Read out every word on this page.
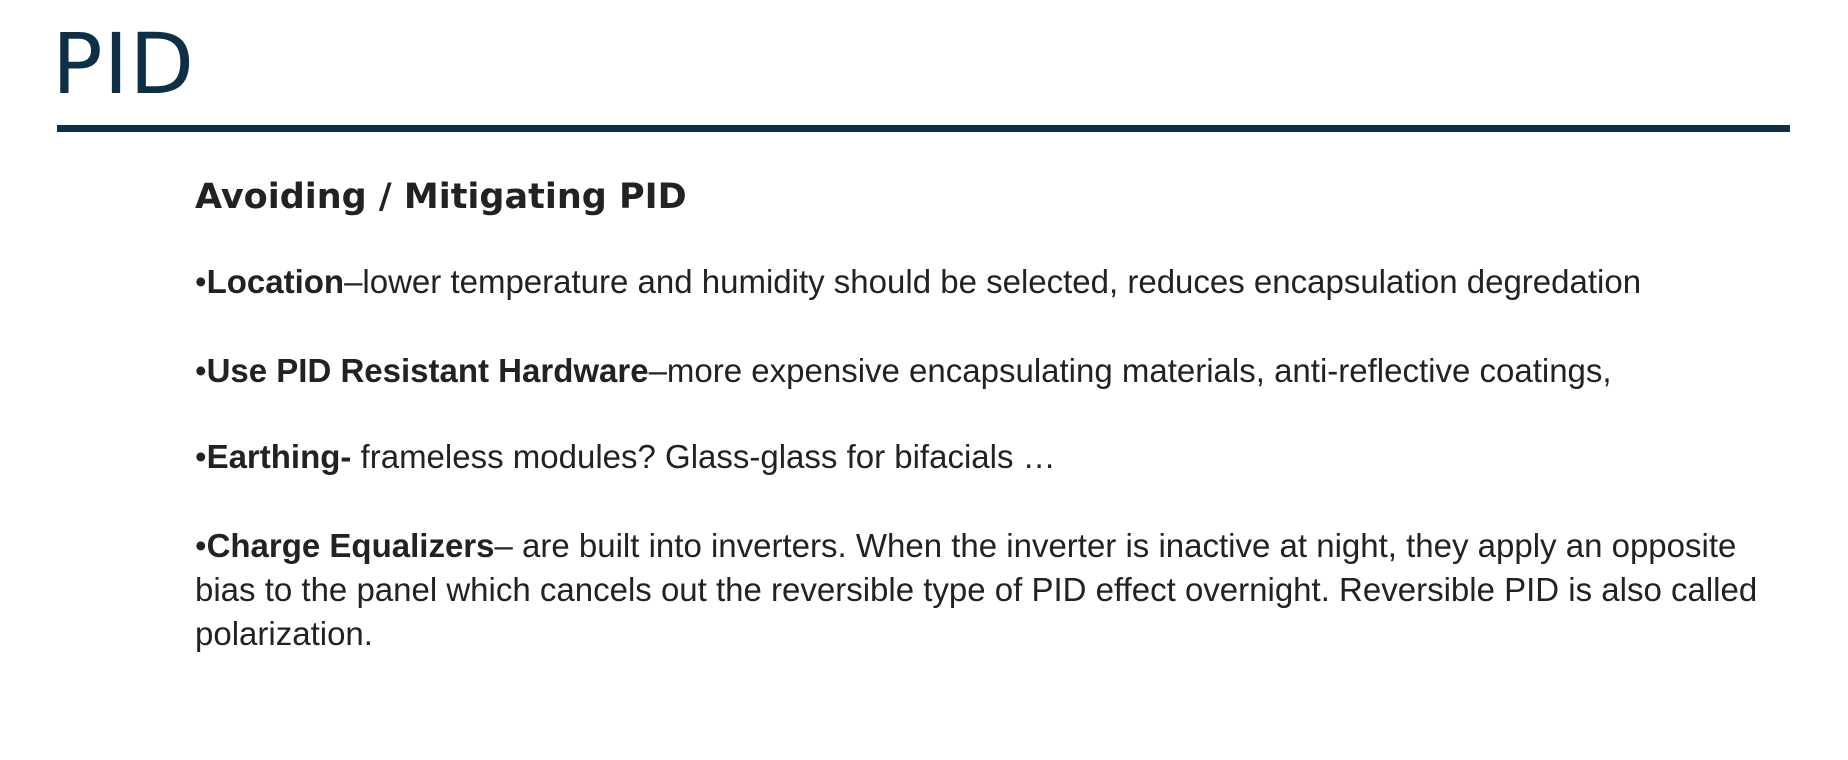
PID
Avoiding / Mitigating PID
•Location–lower temperature and humidity should be selected, reduces encapsulation degredation
•Use PID Resistant Hardware–more expensive encapsulating materials, anti-reflective coatings,
•Earthing- frameless modules? Glass-glass for bifacials …
•Charge Equalizers– are built into inverters. When the inverter is inactive at night, they apply an opposite bias to the panel which cancels out the reversible type of PID effect overnight. Reversible PID is also called polarization.
